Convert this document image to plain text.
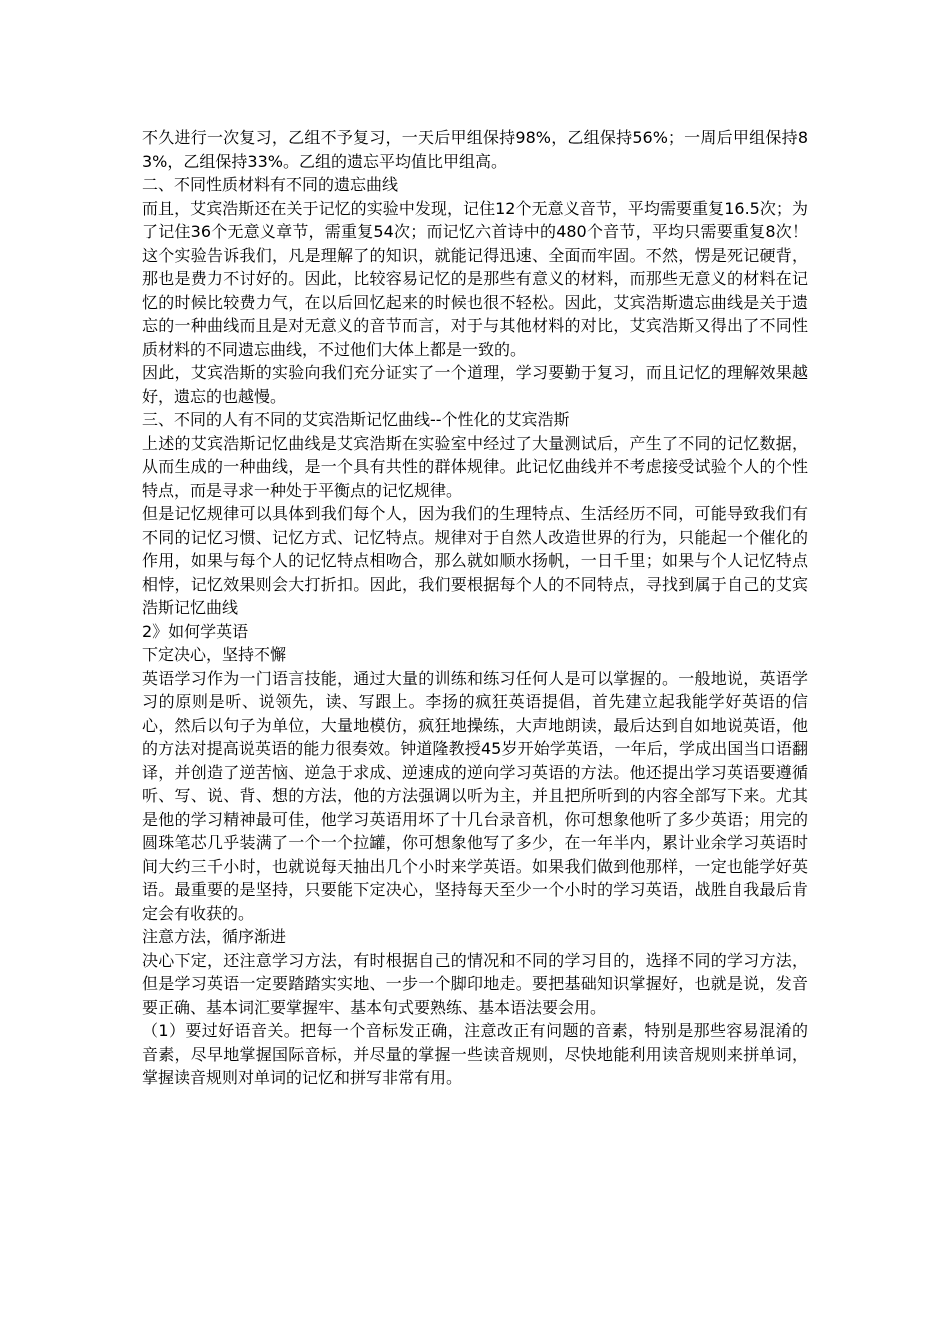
不久进行一次复习，乙组不予复习，一天后甲组保持98%，乙组保持56%；一周后甲组保持83%，乙组保持33%。乙组的遗忘平均值比甲组高。

二、不同性质材料有不同的遗忘曲线

而且，艾宾浩斯还在关于记忆的实验中发现，记住12个无意义音节，平均需要重复16.5次；为了记住36个无意义章节，需重复54次；而记忆六首诗中的480个音节，平均只需要重复8次！这个实验告诉我们，凡是理解了的知识，就能记得迅速、全面而牢固。不然，愣是死记硬背，那也是费力不讨好的。因此，比较容易记忆的是那些有意义的材料，而那些无意义的材料在记忆的时候比较费力气，在以后回忆起来的时候也很不轻松。因此，艾宾浩斯遗忘曲线是关于遗忘的一种曲线而且是对无意义的音节而言，对于与其他材料的对比，艾宾浩斯又得出了不同性质材料的不同遗忘曲线，不过他们大体上都是一致的。

因此，艾宾浩斯的实验向我们充分证实了一个道理，学习要勤于复习，而且记忆的理解效果越好，遗忘的也越慢。

三、不同的人有不同的艾宾浩斯记忆曲线--个性化的艾宾浩斯

上述的艾宾浩斯记忆曲线是艾宾浩斯在实验室中经过了大量测试后，产生了不同的记忆数据，从而生成的一种曲线，是一个具有共性的群体规律。此记忆曲线并不考虑接受试验个人的个性特点，而是寻求一种处于平衡点的记忆规律。

但是记忆规律可以具体到我们每个人，因为我们的生理特点、生活经历不同，可能导致我们有不同的记忆习惯、记忆方式、记忆特点。规律对于自然人改造世界的行为，只能起一个催化的作用，如果与每个人的记忆特点相吻合，那么就如顺水扬帆，一日千里；如果与个人记忆特点相悖，记忆效果则会大打折扣。因此，我们要根据每个人的不同特点，寻找到属于自己的艾宾浩斯记忆曲线

2》如何学英语

下定决心，坚持不懈

英语学习作为一门语言技能，通过大量的训练和练习任何人是可以掌握的。一般地说，英语学习的原则是听、说领先，读、写跟上。李扬的疯狂英语提倡，首先建立起我能学好英语的信心，然后以句子为单位，大量地模仿，疯狂地操练，大声地朗读，最后达到自如地说英语，他的方法对提高说英语的能力很奏效。钟道隆教授45岁开始学英语，一年后，学成出国当口语翻译，并创造了逆苦恼、逆急于求成、逆速成的逆向学习英语的方法。他还提出学习英语要遵循听、写、说、背、想的方法，他的方法强调以听为主，并且把所听到的内容全部写下来。尤其是他的学习精神最可佳，他学习英语用坏了十几台录音机，你可想象他听了多少英语；用完的圆珠笔芯几乎装满了一个一个拉罐，你可想象他写了多少，在一年半内，累计业余学习英语时间大约三千小时，也就说每天抽出几个小时来学英语。如果我们做到他那样，一定也能学好英语。最重要的是坚持，只要能下定决心，坚持每天至少一个小时的学习英语，战胜自我最后肯定会有收获的。

注意方法，循序渐进

决心下定，还注意学习方法，有时根据自己的情况和不同的学习目的，选择不同的学习方法，但是学习英语一定要踏踏实实地、一步一个脚印地走。要把基础知识掌握好，也就是说，发音要正确、基本词汇要掌握牢、基本句式要熟练、基本语法要会用。

（1）要过好语音关。把每一个音标发正确，注意改正有问题的音素，特别是那些容易混淆的音素，尽早地掌握国际音标，并尽量的掌握一些读音规则，尽快地能利用读音规则来拼单词，掌握读音规则对单词的记忆和拼写非常有用。
